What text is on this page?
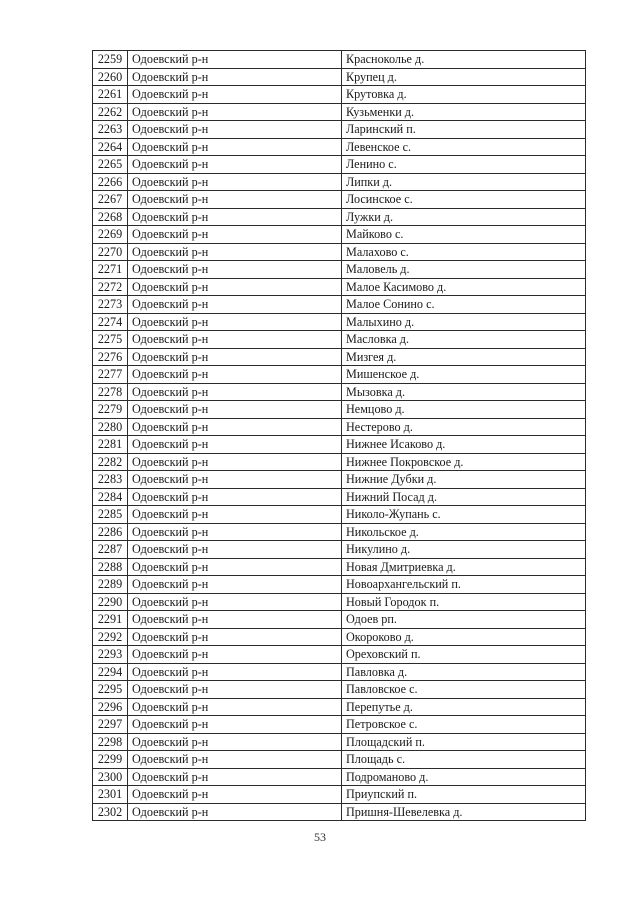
2259	Одоевский р-н	Краснокольe д.
2260	Одоевский р-н	Крупец д.
2261	Одоевский р-н	Крутовка д.
2262	Одоевский р-н	Кузьменки д.
2263	Одоевский р-н	Ларинский п.
2264	Одоевский р-н	Левенское с.
2265	Одоевский р-н	Ленино с.
2266	Одоевский р-н	Липки д.
2267	Одоевский р-н	Лосинское с.
2268	Одоевский р-н	Лужки д.
2269	Одоевский р-н	Майково с.
2270	Одоевский р-н	Малахово с.
2271	Одоевский р-н	Маловель д.
2272	Одоевский р-н	Малое Касимово д.
2273	Одоевский р-н	Малое Сонино с.
2274	Одоевский р-н	Малыхино д.
2275	Одоевский р-н	Масловка д.
2276	Одоевский р-н	Мизгея д.
2277	Одоевский р-н	Мишенское д.
2278	Одоевский р-н	Мызовка д.
2279	Одоевский р-н	Немцово д.
2280	Одоевский р-н	Нестерово д.
2281	Одоевский р-н	Нижнее Исаково д.
2282	Одоевский р-н	Нижнее Покровское д.
2283	Одоевский р-н	Нижние Дубки д.
2284	Одоевский р-н	Нижний Посад д.
2285	Одоевский р-н	Николо-Жупань с.
2286	Одоевский р-н	Никольское д.
2287	Одоевский р-н	Никулино д.
2288	Одоевский р-н	Новая Дмитриевка д.
2289	Одоевский р-н	Новоархангельский п.
2290	Одоевский р-н	Новый Городок п.
2291	Одоевский р-н	Одоев рп.
2292	Одоевский р-н	Окороково д.
2293	Одоевский р-н	Ореховский п.
2294	Одоевский р-н	Павловка д.
2295	Одоевский р-н	Павловское с.
2296	Одоевский р-н	Перепутье д.
2297	Одоевский р-н	Петровское с.
2298	Одоевский р-н	Площадский п.
2299	Одоевский р-н	Площадь с.
2300	Одоевский р-н	Подроманово д.
2301	Одоевский р-н	Приупский п.
2302	Одоевский р-н	Пришня-Шевелевка д.
53
